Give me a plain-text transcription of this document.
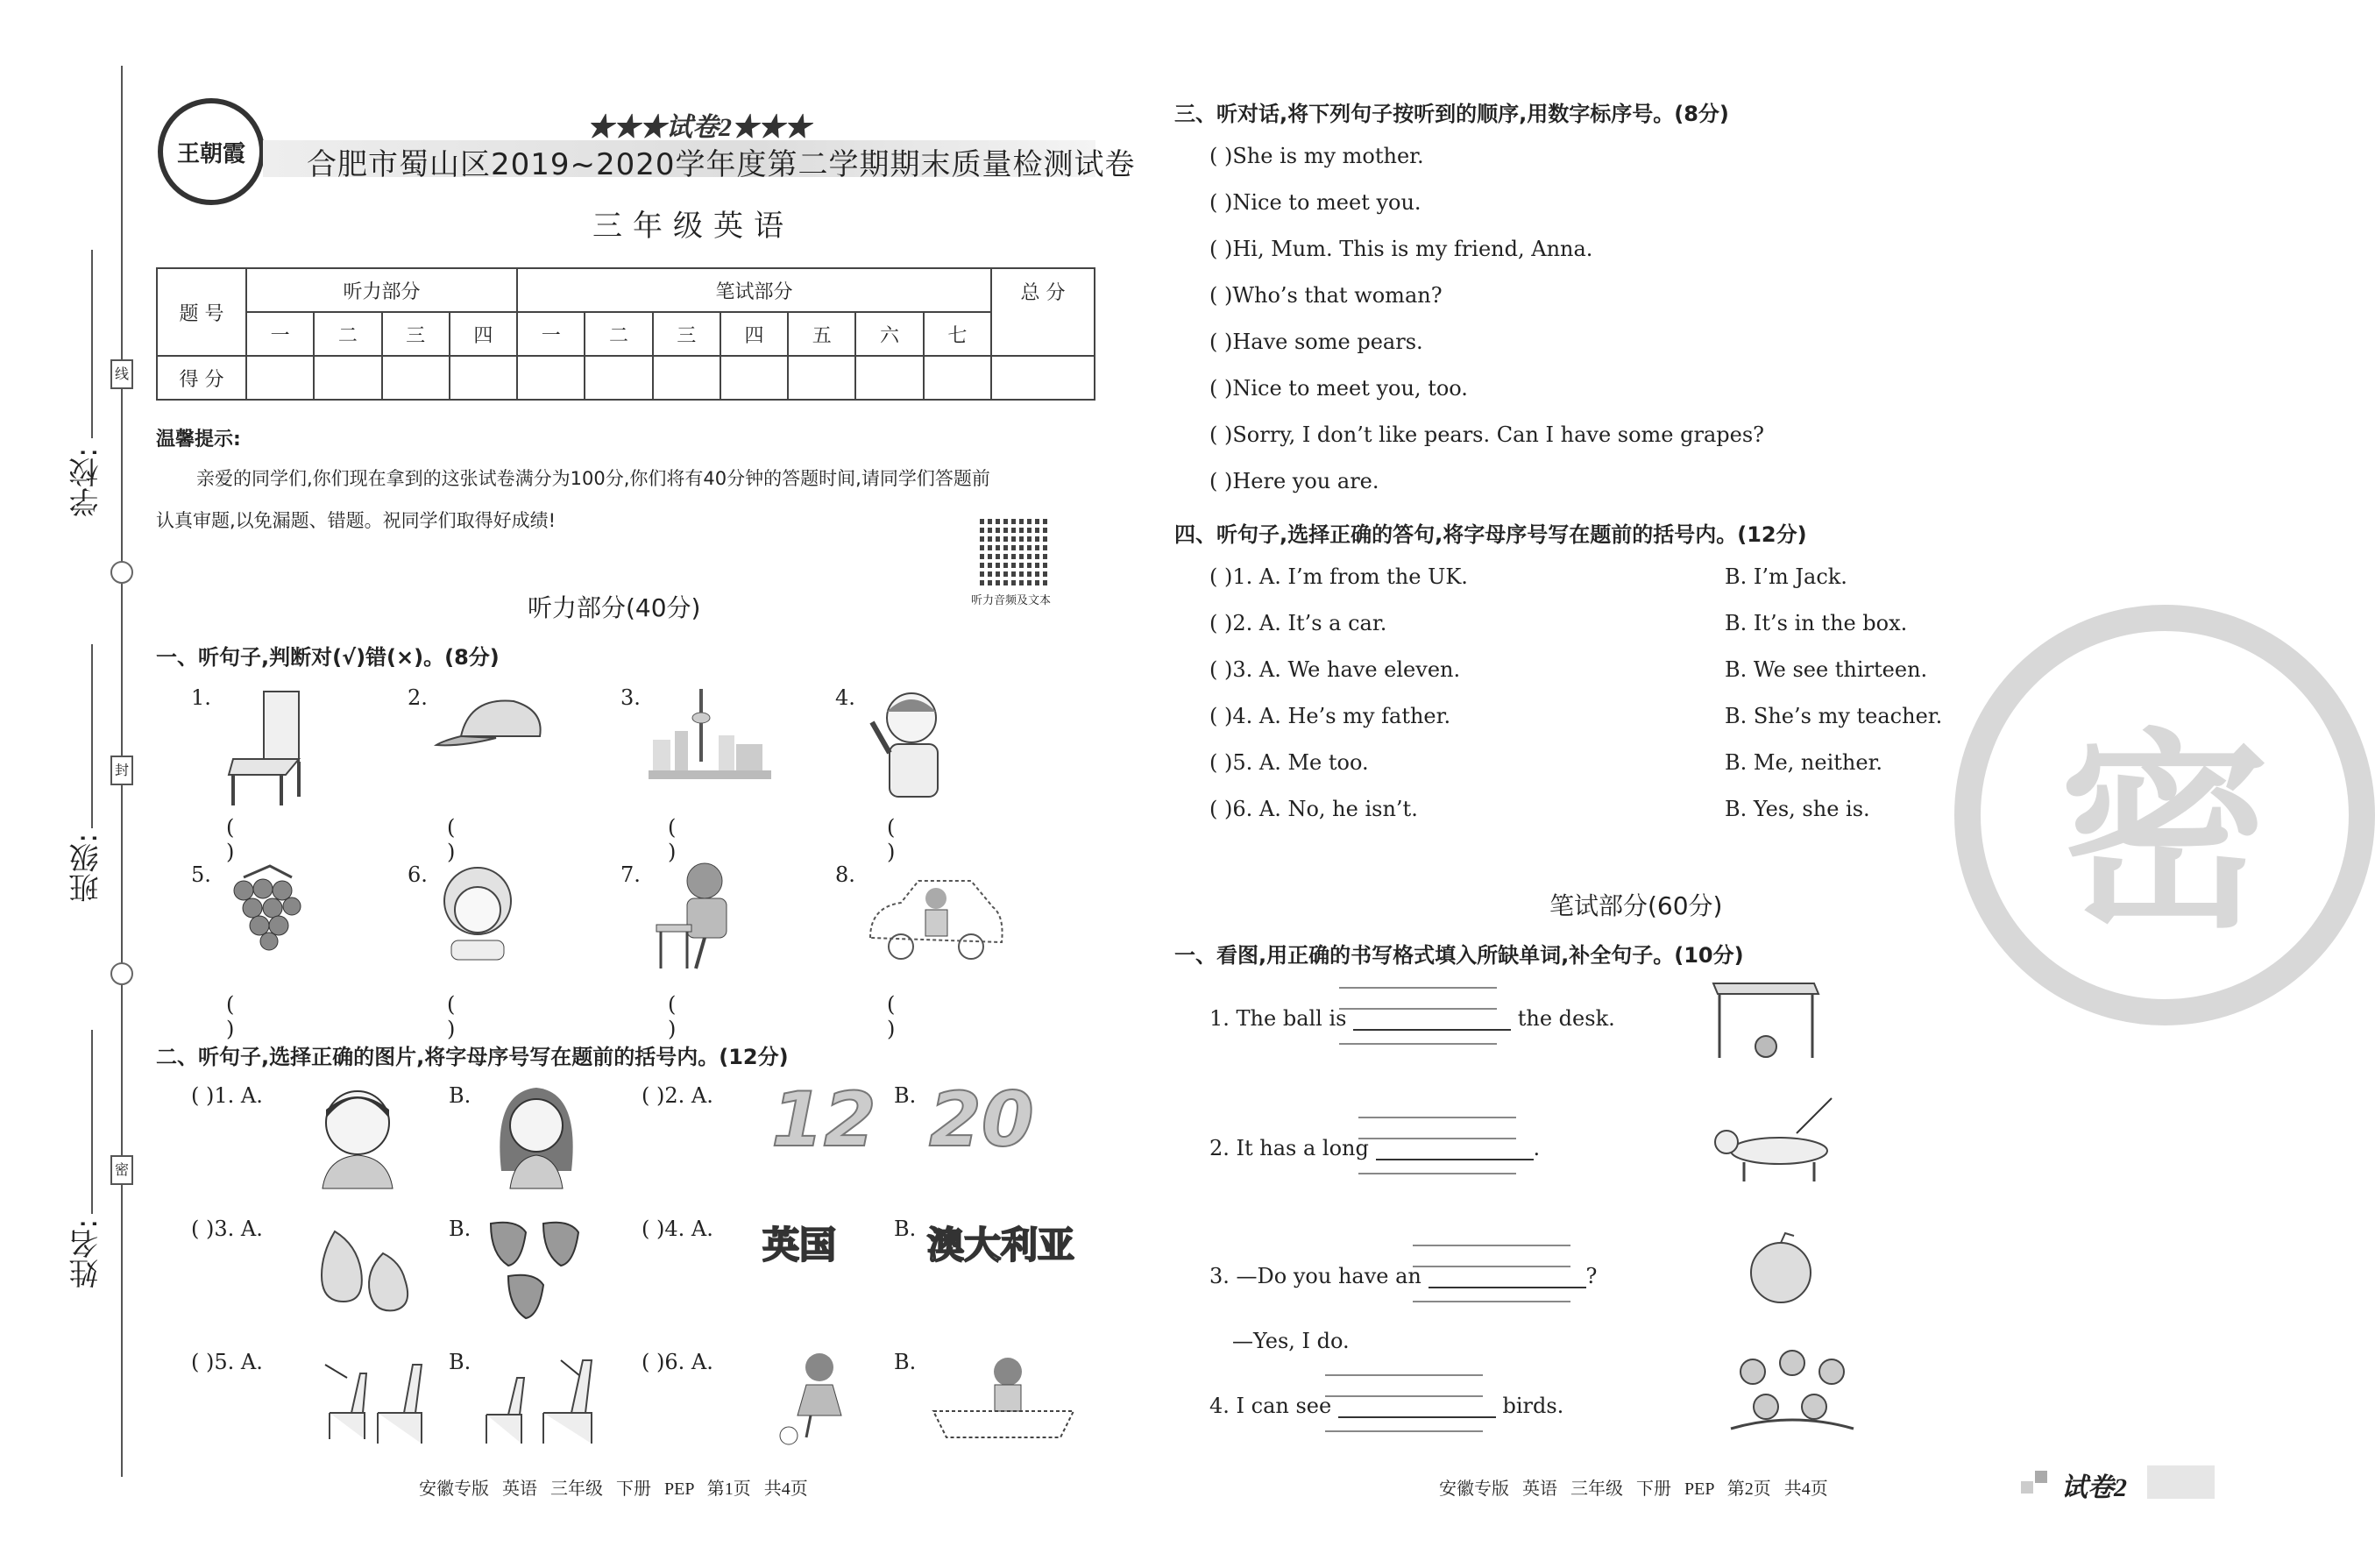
线
封
密
学校:
班级:
姓名:
王朝霞
★★★试卷2★★★
合肥市蜀山区2019~2020学年度第二学期期末质量检测试卷
三年级英语
题 号	听力部分				笔试部分							总 分
	一	二	三	四	一	二	三	四	五	六	七	
得 分												
温馨提示:
亲爱的同学们,你们现在拿到的这张试卷满分为100分,你们将有40分钟的答题时间,请同学们答题前
认真审题,以免漏题、错题。祝同学们取得好成绩!
听力音频及文本
听力部分(40分)
一、听句子,判断对(√)错(×)。(8分)
1.	2.	3.	4.
( )
( )
( )
( )
5.	6.	7.	8.
( )
( )
( )
( )
二、听句子,选择正确的图片,将字母序号写在题前的括号内。(12分)
( )1. A.	B.	( )2. A. 12 B. 20
( )3. A.	B.	( )4. A. 英国	B. 澳大利亚
( )5. A.	B.	( )6. A.	B.
三、听对话,将下列句子按听到的顺序,用数字标序号。(8分)
( )She is my mother.
( )Nice to meet you.
( )Hi, Mum. This is my friend, Anna.
( )Who’s that woman?
( )Have some pears.
( )Nice to meet you, too.
( )Sorry, I don’t like pears. Can I have some grapes?
( )Here you are.
四、听句子,选择正确的答句,将字母序号写在题前的括号内。(12分)
( )1. A. I’m from the UK.	B. I’m Jack.
( )2. A. It’s a car.	B. It’s in the box.
( )3. A. We have eleven.	B. We see thirteen.
( )4. A. He’s my father.	B. She’s my teacher.
( )5. A. Me too.	B. Me, neither.
( )6. A. No, he isn’t.	B. Yes, she is.
笔试部分(60分)
一、看图,用正确的书写格式填入所缺单词,补全句子。(10分)
1. The ball is	the desk.
2. It has a long	.
3. —Do you have an	?
—Yes, I do.
4. I can see	birds.
密
安徽专版   英语   三年级   下册   PEP   第1页   共4页	安徽专版   英语   三年级   下册   PEP   第2页   共4页	试卷2
